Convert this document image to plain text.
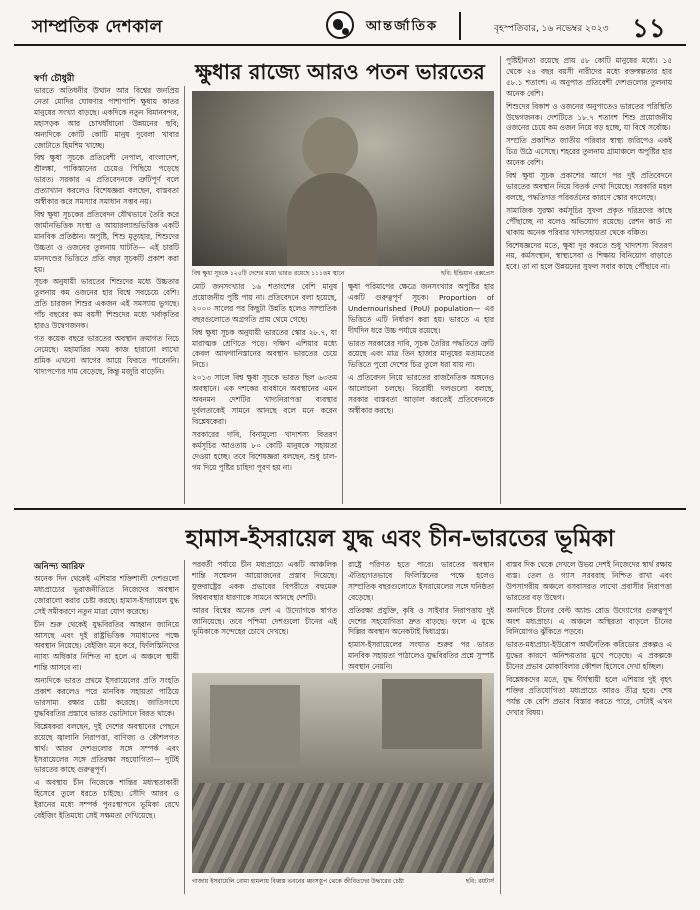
সাম্প্রতিক দেশকাল	আন্তর্জাতিক	বৃহস্পতিবার, ১৬ নভেম্বর ২০২৩ ১১
স্বর্ণা চৌধুরী	ক্ষুধার রাজ্যে আরও পতন ভারতের

ভারতে অতিধনীর উত্থান আর বিশ্বের জনপ্রিয় নেতা মোদির ঘোষণার পাশাপাশি ক্ষুধায় কাতর মানুষের সংখ্যা বাড়ছে। একদিকে নতুন বিমানবন্দর, মহাসড়ক আর চোখধাঁধানো উন্নয়নের ছবি; অন্যদিকে কোটি কোটি মানুষ দুবেলা খাবার জোটাতে হিমশিম খাচ্ছে।

বিশ্ব ক্ষুধা সূচকে প্রতিবেশী নেপাল, বাংলাদেশ, শ্রীলঙ্কা, পাকিস্তানের চেয়েও পিছিয়ে পড়েছে ভারত। সরকার এ প্রতিবেদনকে ত্রুটিপূর্ণ বলে প্রত্যাখ্যান করলেও বিশেষজ্ঞরা বলছেন, বাস্তবতা অস্বীকার করে সমস্যার সমাধান সম্ভব নয়।

বিশ্ব ক্ষুধা সূচকের প্রতিবেদন যৌথভাবে তৈরি করে জার্মানভিত্তিক সংস্থা ও আয়ারল্যান্ডভিত্তিক একটি মানবিক প্রতিষ্ঠান। অপুষ্টি, শিশু মৃত্যুহার, শিশুদের উচ্চতা ও ওজনের তুলনায় ঘাটতি— এই চারটি মানদণ্ডের ভিত্তিতে প্রতি বছর সূচকটি প্রকাশ করা হয়।

সূচক অনুযায়ী ভারতের শিশুদের মধ্যে উচ্চতার তুলনায় কম ওজনের হার বিশ্বে সবচেয়ে বেশি। প্রতি চারজন শিশুর একজন এই সমস্যায় ভুগছে। পাঁচ বছরের কম বয়সী শিশুদের মধ্যে খর্বাকৃতির হারও উদ্বেগজনক।

গত কয়েক বছরে ভারতের অবস্থান ক্রমাগত নিচে নেমেছে। মহামারির সময় কাজ হারানো লাখো শ্রমিক এখনো আগের আয়ে ফিরতে পারেননি। খাদ্যপণ্যের দাম বেড়েছে, কিন্তু মজুরি বাড়েনি।

বিশ্ব ক্ষুধা সূচকে ১২৫টি দেশের মধ্যে ভারত রয়েছে ১১১তম স্থানে	ছবি: ইন্ডিয়ান এক্সপ্রেস

মোট জনসংখ্যার ১৬ শতাংশের বেশি মানুষ প্রয়োজনীয় পুষ্টি পায় না। প্রতিবেদনে বলা হয়েছে, ২০০০ সালের পর কিছুটা উন্নতি হলেও সাম্প্রতিক বছরগুলোতে অগ্রগতি প্রায় থেমে গেছে।

বিশ্ব ক্ষুধা সূচক অনুযায়ী ভারতের স্কোর ২৮.৭, যা মারাত্মক শ্রেণিতে পড়ে। দক্ষিণ এশিয়ার মধ্যে কেবল আফগানিস্তানের অবস্থান ভারতের চেয়ে নিচে।

২০১৩ সালে বিশ্ব ক্ষুধা সূচকে ভারত ছিল ৬৩তম অবস্থানে। এক দশকের ব্যবধানে অবস্থানের এমন অবনমন দেশটির খাদ্যনিরাপত্তা ব্যবস্থার দুর্বলতাকেই সামনে আনছে বলে মনে করেন বিশ্লেষকেরা।

সরকারের দাবি, বিনামূল্যে খাদ্যশস্য বিতরণ কর্মসূচির আওতায় ৮০ কোটি মানুষকে সহায়তা দেওয়া হচ্ছে। তবে বিশেষজ্ঞরা বলছেন, শুধু চাল-গম দিয়ে পুষ্টির চাহিদা পূরণ হয় না।

ক্ষুধা পরিমাপের ক্ষেত্রে জনসংখ্যার অপুষ্টির হার একটি গুরুত্বপূর্ণ সূচক। Proportion of Undernourished (PoU) population— এর ভিত্তিতে এটি নির্ধারণ করা হয়। ভারতে এ হার দীর্ঘদিন ধরে উচ্চ পর্যায়ে রয়েছে।

ভারত সরকারের দাবি, সূচক তৈরির পদ্ধতিতে ত্রুটি রয়েছে এবং মাত্র তিন হাজার মানুষের মতামতের ভিত্তিতে পুরো দেশের চিত্র তুলে ধরা যায় না।

এ প্রতিবেদন নিয়ে ভারতের রাজনৈতিক অঙ্গনেও আলোচনা চলছে। বিরোধী দলগুলো বলছে, সরকার বাস্তবতা আড়াল করতেই প্রতিবেদনকে অস্বীকার করছে।

পুষ্টিহীনতা রয়েছে প্রায় ৫৮ কোটি মানুষের মধ্যে। ১৫ থেকে ২৪ বছর বয়সী নারীদের মধ্যে রক্তস্বল্পতার হার ৫৮.১ শতাংশ। এ অনুপাত প্রতিবেশী দেশগুলোর তুলনায় অনেক বেশি।

শিশুদের বিকাশ ও ওজনের অনুপাতেও ভারতের পরিস্থিতি উদ্বেগজনক। দেশটিতে ১৮.৭ শতাংশ শিশু প্রয়োজনীয় ওজনের চেয়ে কম ওজন নিয়ে বড় হচ্ছে, যা বিশ্বে সর্বোচ্চ।

সম্প্রতি প্রকাশিত জাতীয় পরিবার স্বাস্থ্য জরিপেও একই চিত্র উঠে এসেছে। শহরের তুলনায় গ্রামাঞ্চলে অপুষ্টির হার অনেক বেশি।

বিশ্ব ক্ষুধা সূচক প্রকাশের আগে পর দুই প্রতিবেদনে ভারতের অবস্থান নিয়ে বিতর্ক দেখা দিয়েছে। সরকারি মহল বলছে, পদ্ধতিগত পরিবর্তনের কারণে স্কোর বদলেছে।

সামাজিক সুরক্ষা কর্মসূচির সুফল প্রকৃত দরিদ্রদের কাছে পৌঁছাচ্ছে না বলেও অভিযোগ রয়েছে। রেশন কার্ড না থাকায় অনেক পরিবার খাদ্যসহায়তা থেকে বঞ্চিত।

বিশেষজ্ঞদের মতে, ক্ষুধা দূর করতে শুধু খাদ্যশস্য বিতরণ নয়, কর্মসংস্থান, স্বাস্থ্যসেবা ও শিক্ষায় বিনিয়োগ বাড়াতে হবে। তা না হলে উন্নয়নের সুফল সবার কাছে পৌঁছাবে না।

হামাস-ইসরায়েল যুদ্ধ এবং চীন-ভারতের ভূমিকা
অনিন্দ্য আরিফ

অনেক দিন থেকেই এশিয়ার শক্তিশালী দেশগুলো মধ্যপ্রাচ্যের ভূরাজনীতিতে নিজেদের অবস্থান জোরালো করার চেষ্টা করছে। হামাস-ইসরায়েল যুদ্ধ সেই সমীকরণে নতুন মাত্রা যোগ করেছে।

চীন শুরু থেকেই যুদ্ধবিরতির আহ্বান জানিয়ে আসছে এবং দুই রাষ্ট্রভিত্তিক সমাধানের পক্ষে অবস্থান নিয়েছে। বেইজিং মনে করে, ফিলিস্তিনিদের ন্যায্য অধিকার নিশ্চিত না হলে এ অঞ্চলে স্থায়ী শান্তি আসবে না।

অন্যদিকে ভারত প্রথমে ইসরায়েলের প্রতি সংহতি প্রকাশ করলেও পরে মানবিক সহায়তা পাঠিয়ে ভারসাম্য রক্ষার চেষ্টা করেছে। জাতিসংঘে যুদ্ধবিরতির প্রস্তাবে ভারত ভোটদানে বিরত থাকে।

বিশ্লেষকরা বলছেন, দুই দেশের অবস্থানের পেছনে রয়েছে জ্বালানি নিরাপত্তা, বাণিজ্য ও কৌশলগত স্বার্থ। আরব দেশগুলোর সঙ্গে সম্পর্ক এবং ইসরায়েলের সঙ্গে প্রতিরক্ষা সহযোগিতা— দুটিই ভারতের কাছে গুরুত্বপূর্ণ।

এ অবস্থায় চীন নিজেকে শান্তির মধ্যস্থতাকারী হিসেবে তুলে ধরতে চাইছে। সৌদি আরব ও ইরানের মধ্যে সম্পর্ক পুনঃস্থাপনে ভূমিকা রেখে বেইজিং ইতিমধ্যে সেই সক্ষমতা দেখিয়েছে।

পরবর্তী পর্যায়ে চীন মধ্যপ্রাচ্যে একটি আঞ্চলিক শান্তি সম্মেলন আয়োজনের প্রস্তাব দিয়েছে। যুক্তরাষ্ট্রের একক প্রভাবের বিপরীতে বহুমেরু বিশ্বব্যবস্থার ধারণাকে সামনে আনছে দেশটি।

আরব বিশ্বের অনেক দেশ এ উদ্যোগকে স্বাগত জানিয়েছে। তবে পশ্চিমা দেশগুলো চীনের এই ভূমিকাকে সন্দেহের চোখে দেখছে।

রাষ্ট্রে পরিণত হতে পারে। ভারতের অবস্থান ঐতিহ্যগতভাবে ফিলিস্তিনের পক্ষে হলেও সাম্প্রতিক বছরগুলোতে ইসরায়েলের সঙ্গে ঘনিষ্ঠতা বেড়েছে।

প্রতিরক্ষা প্রযুক্তি, কৃষি ও সাইবার নিরাপত্তায় দুই দেশের সহযোগিতা দ্রুত বাড়ছে। ফলে এ যুদ্ধে দিল্লির অবস্থান অনেকটাই দ্বিধাগ্রস্ত।

হামাস-ইসরায়েলের সংঘাত শুরুর পর ভারত মানবিক সহায়তা পাঠালেও যুদ্ধবিরতির প্রশ্নে সুস্পষ্ট অবস্থান নেয়নি।

গাজায় ইসরায়েলি বোমা হামলায় বিধ্বস্ত ভবনের ধ্বংসস্তূপ থেকে জীবিতদের উদ্ধারের চেষ্টা	ছবি: রয়টার্স

বাস্তব দিক থেকে দেখলে উভয় দেশই নিজেদের স্বার্থ রক্ষায় ব্যস্ত। তেল ও গ্যাস সরবরাহ নিশ্চিত রাখা এবং উপসাগরীয় অঞ্চলে বসবাসরত লাখো প্রবাসীর নিরাপত্তা ভারতের বড় উদ্বেগ।

অন্যদিকে চীনের বেল্ট অ্যান্ড রোড উদ্যোগের গুরুত্বপূর্ণ অংশ মধ্যপ্রাচ্য। এ অঞ্চলে অস্থিরতা বাড়লে চীনের বিনিয়োগও ঝুঁকিতে পড়বে।

ভারত-মধ্যপ্রাচ্য-ইউরোপ অর্থনৈতিক করিডোর প্রকল্পও এ যুদ্ধের কারণে অনিশ্চয়তার মুখে পড়েছে। এ প্রকল্পকে চীনের প্রভাব মোকাবিলার কৌশল হিসেবে দেখা হচ্ছিল।

বিশ্লেষকদের মতে, যুদ্ধ দীর্ঘস্থায়ী হলে এশিয়ার দুই বৃহৎ শক্তির প্রতিযোগিতা মধ্যপ্রাচ্যে আরও তীব্র হবে। শেষ পর্যন্ত কে বেশি প্রভাব বিস্তার করতে পারে, সেটাই এখন দেখার বিষয়।
